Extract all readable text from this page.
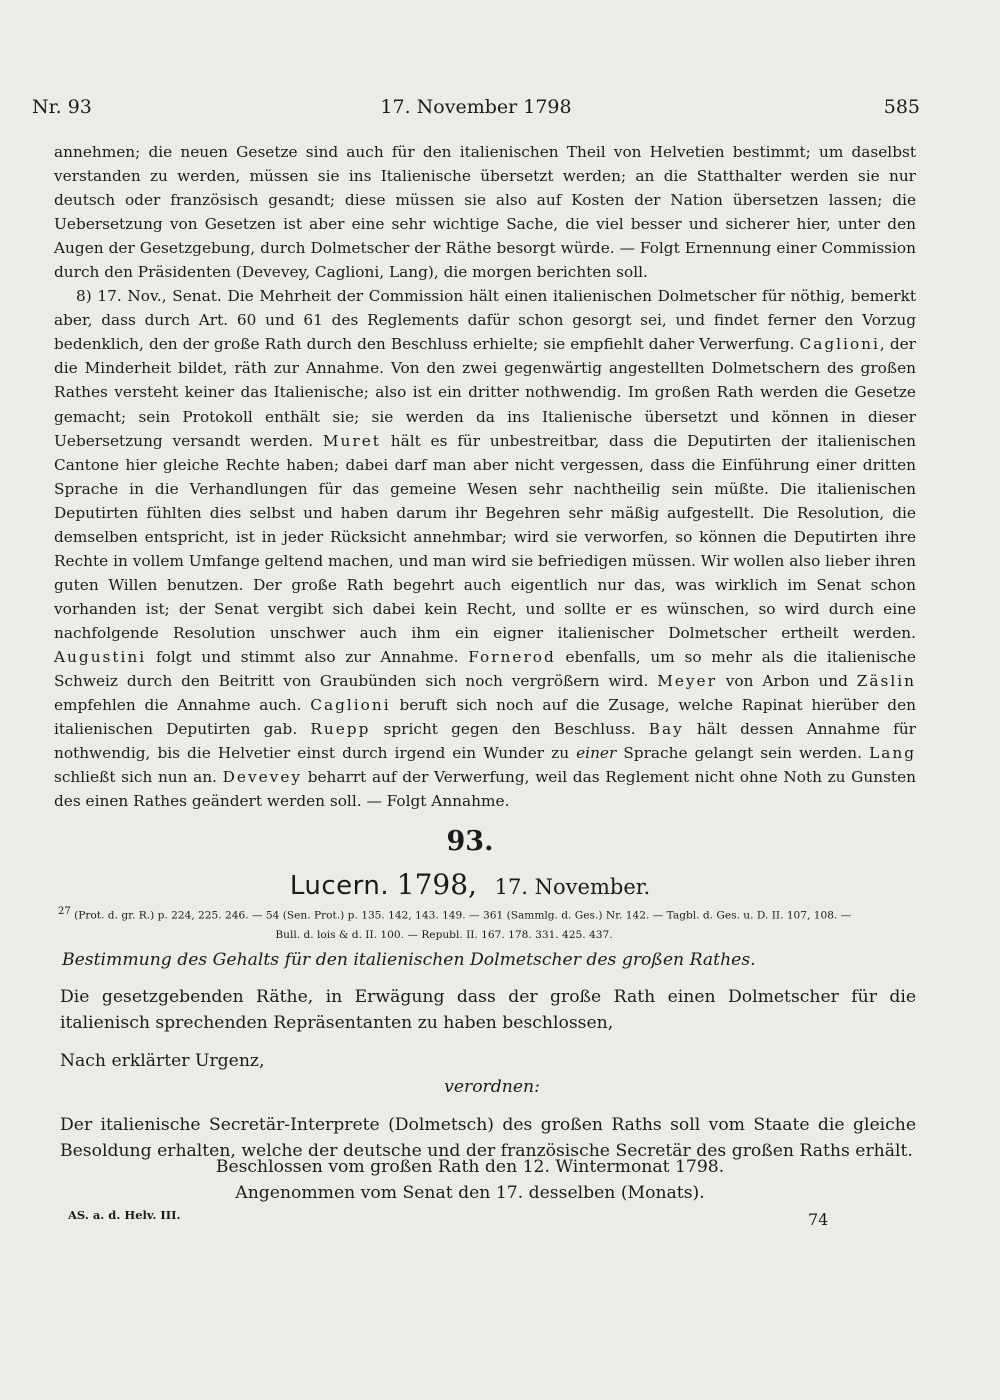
Nr. 93	17. November 1798	585

annehmen; die neuen Gesetze sind auch für den italienischen Theil von Helvetien bestimmt; um daselbst verstanden zu werden, müssen sie ins Italienische übersetzt werden; an die Statthalter werden sie nur deutsch oder französisch gesandt; diese müssen sie also auf Kosten der Nation übersetzen lassen; die Uebersetzung von Gesetzen ist aber eine sehr wichtige Sache, die viel besser und sicherer hier, unter den Augen der Gesetzgebung, durch Dolmetscher der Räthe besorgt würde. — Folgt Ernennung einer Commission durch den Präsidenten (Devevey, Caglioni, Lang), die morgen berichten soll.

8) 17. Nov., Senat. Die Mehrheit der Commission hält einen italienischen Dolmetscher für nöthig, bemerkt aber, dass durch Art. 60 und 61 des Reglements dafür schon gesorgt sei, und findet ferner den Vorzug bedenklich, den der große Rath durch den Beschluss erhielte; sie empfiehlt daher Verwerfung. Caglioni, der die Minderheit bildet, räth zur Annahme. Von den zwei gegenwärtig angestellten Dolmetschern des großen Rathes versteht keiner das Italienische; also ist ein dritter nothwendig. Im großen Rath werden die Gesetze gemacht; sein Protokoll enthält sie; sie werden da ins Italienische übersetzt und können in dieser Uebersetzung versandt werden. Muret hält es für unbestreitbar, dass die Deputirten der italienischen Cantone hier gleiche Rechte haben; dabei darf man aber nicht vergessen, dass die Einführung einer dritten Sprache in die Verhandlungen für das gemeine Wesen sehr nachtheilig sein müßte. Die italienischen Deputirten fühlten dies selbst und haben darum ihr Begehren sehr mäßig aufgestellt. Die Resolution, die demselben entspricht, ist in jeder Rücksicht annehmbar; wird sie verworfen, so können die Deputirten ihre Rechte in vollem Umfange geltend machen, und man wird sie befriedigen müssen. Wir wollen also lieber ihren guten Willen benutzen. Der große Rath begehrt auch eigentlich nur das, was wirklich im Senat schon vorhanden ist; der Senat vergibt sich dabei kein Recht, und sollte er es wünschen, so wird durch eine nachfolgende Resolution unschwer auch ihm ein eigner italienischer Dolmetscher ertheilt werden. Augustini folgt und stimmt also zur Annahme. Fornerod ebenfalls, um so mehr als die italienische Schweiz durch den Beitritt von Graubünden sich noch vergrößern wird. Meyer von Arbon und Zäslin empfehlen die Annahme auch. Caglioni beruft sich noch auf die Zusage, welche Rapinat hierüber den italienischen Deputirten gab. Ruepp spricht gegen den Beschluss. Bay hält dessen Annahme für nothwendig, bis die Helvetier einst durch irgend ein Wunder zu einer Sprache gelangt sein werden. Lang schließt sich nun an. Devevey beharrt auf der Verwerfung, weil das Reglement nicht ohne Noth zu Gunsten des einen Rathes geändert werden soll. — Folgt Annahme.

93.
Lucern. 1798, 17. November.
$^{27}$ (Prot. d. gr. R.) p. 224, 225. 246. — 54 (Sen. Prot.) p. 135. 142, 143. 149. — 361 (Sammlg. d. Ges.) Nr. 142. — Tagbl. d. Ges. u. D. II. 107, 108. —
Bull. d. lois & d. II. 100. — Republ. II. 167. 178. 331. 425. 437.
Bestimmung des Gehalts für den italienischen Dolmetscher des großen Rathes.

Die gesetzgebenden Räthe, in Erwägung dass der große Rath einen Dolmetscher für die italienisch sprechenden Repräsentanten zu haben beschlossen,

Nach erklärter Urgenz,

verordnen:

Der italienische Secretär-Interprete (Dolmetsch) des großen Raths soll vom Staate die gleiche Besoldung erhalten, welche der deutsche und der französische Secretär des großen Raths erhält.

Beschlossen vom großen Rath den 12. Wintermonat 1798.
Angenommen vom Senat den 17. desselben (Monats).
AS. a. d. Helv. III.	74
